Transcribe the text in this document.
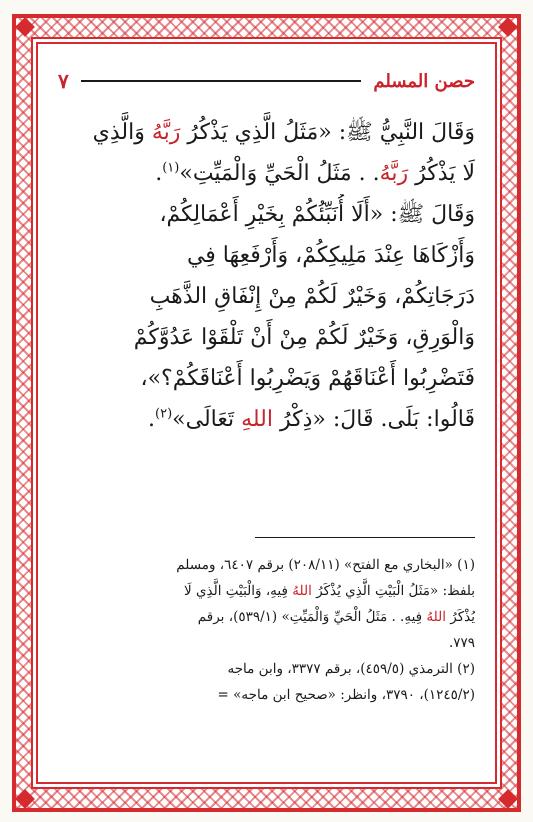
حصن المسلم
٧
وَقَالَ النَّبِيُّ ﷺ: «مَثَلُ الَّذِي يَذْكُرُ رَبَّهُ وَالَّذِي
لَا يَذْكُرُ رَبَّهُ. . مَثَلُ الْحَيِّ وَالْمَيِّتِ»$^{(١)}$.
وَقَالَ ﷺ: «أَلَا أُنَبِّئُكُمْ بِخَيْرِ أَعْمَالِكُمْ،
وَأَزْكَاهَا عِنْدَ مَلِيكِكُمْ، وَأَرْفَعِهَا فِي
دَرَجَاتِكُمْ، وَخَيْرٌ لَكُمْ مِنْ إِنْفَاقِ الذَّهَبِ
وَالْوَرِقِ، وَخَيْرٌ لَكُمْ مِنْ أَنْ تَلْقَوْا عَدُوَّكُمْ
فَتَضْرِبُوا أَعْنَاقَهُمْ وَيَضْرِبُوا أَعْنَاقَكُمْ؟»،
قَالُوا: بَلَى. قَالَ: «ذِكْرُ اللهِ تَعَالَى»$^{(٢)}$.
(١) «البخاري مع الفتح» (٢٠٨/١١) برقم ٦٤٠٧، ومسلم
بلفظ: «مَثَلُ الْبَيْتِ الَّذِي يُذْكَرُ اللهُ فِيهِ، وَالْبَيْتِ الَّذِي لَا
يُذْكَرُ اللهُ فِيهِ. . مَثَلُ الْحَيِّ وَالْمَيِّتِ» (٥٣٩/١)، برقم
٧٧٩.
(٢) الترمذي (٤٥٩/٥)، برقم ٣٣٧٧، وابن ماجه
(١٢٤٥/٢)، ٣٧٩٠، وانظر: «صحيح ابن ماجه» =
